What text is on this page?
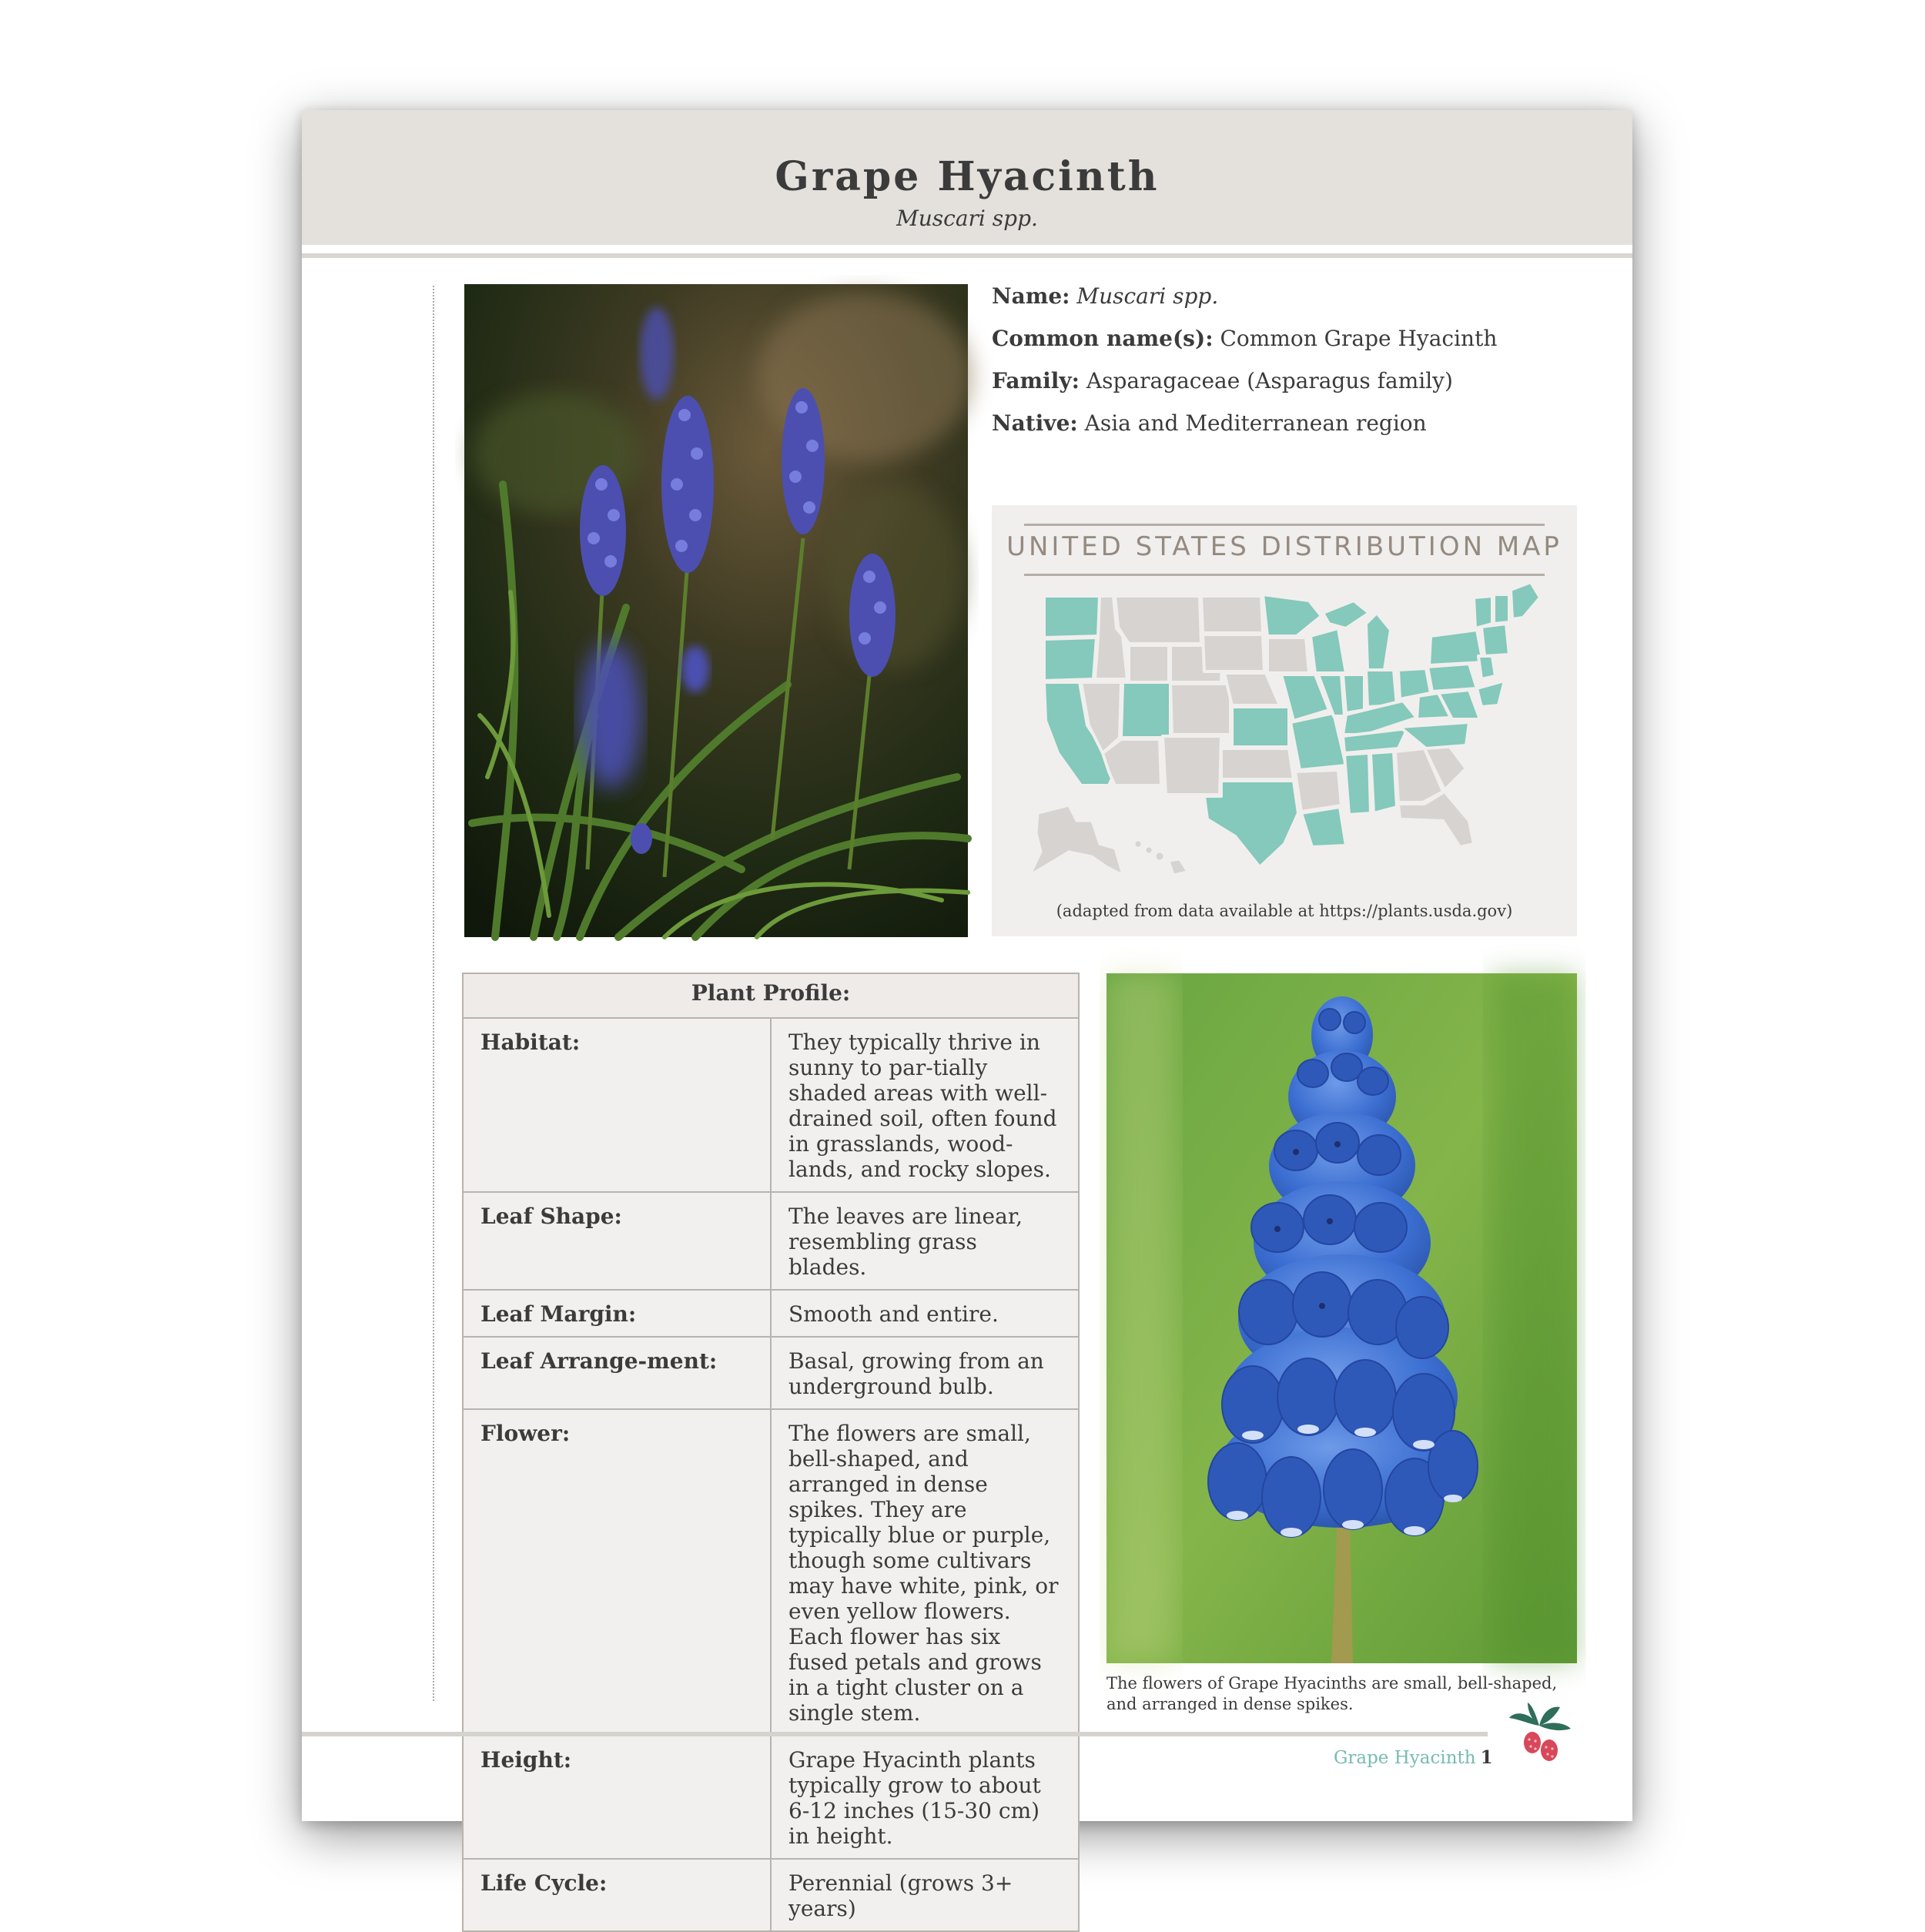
Grape Hyacinth
Muscari spp.
Name: Muscari spp.
Common name(s): Common Grape Hyacinth
Family: Asparagaceae (Asparagus family)
Native: Asia and Mediterranean region
UNITED STATES DISTRIBUTION MAP
(adapted from data available at https://plants.usda.gov)
Plant Profile:	
Habitat:	They typically thrive in sunny to par-tially shaded areas with well-drained soil, often found in grasslands, wood-lands, and rocky slopes.
Leaf Shape:	The leaves are linear, resembling grass blades.
Leaf Margin:	Smooth and entire.
Leaf Arrange-ment:	Basal, growing from an underground bulb.
Flower:	The flowers are small, bell-shaped, and arranged in dense spikes. They are typically blue or purple, though some cultivars may have white, pink, or even yellow flowers. Each flower has six fused petals and grows in a tight cluster on a single stem.
Height:	Grape Hyacinth plants typically grow to about 6-12 inches (15-30 cm) in height.
Life Cycle:	Perennial (grows 3+ years)
The flowers of Grape Hyacinths are small, bell-shaped, and arranged in dense spikes.
Grape Hyacinth 1
